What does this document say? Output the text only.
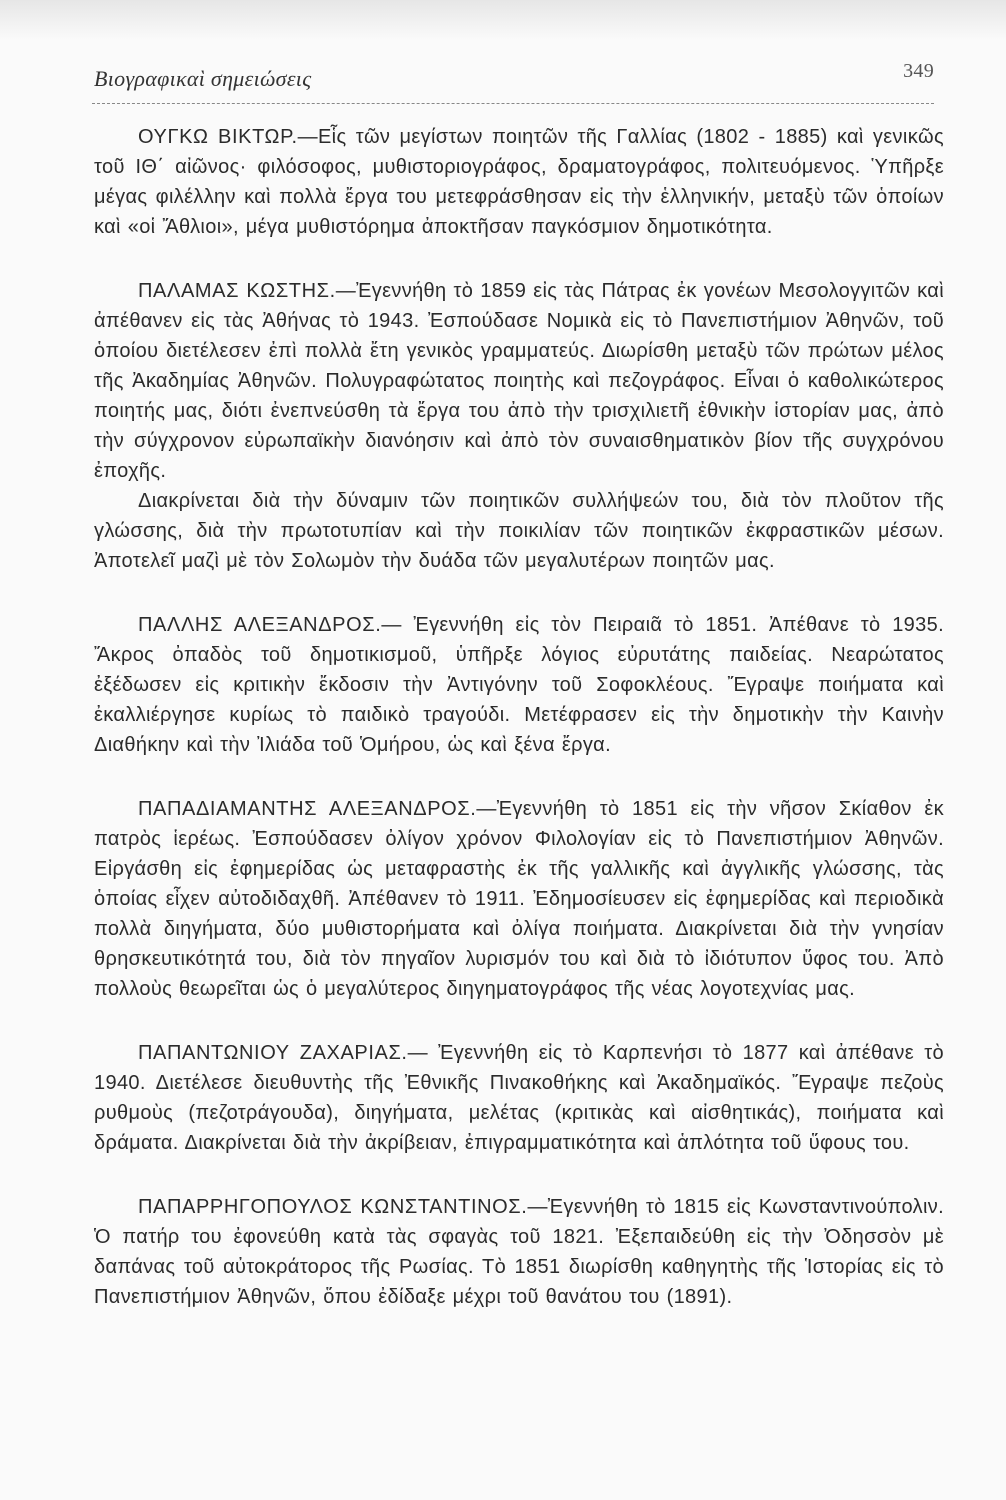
Βιογραφικαὶ σημειώσεις	349

ΟΥΓΚΩ ΒΙΚΤΩΡ.—Εἷς τῶν μεγίστων ποιητῶν τῆς Γαλλίας (1802 - 1885) καὶ γενικῶς τοῦ ΙΘ΄ αἰῶνος· φιλόσοφος, μυθιστοριογράφος, δραματογράφος, πολιτευόμενος. Ὑπῆρξε μέγας φιλέλλην καὶ πολλὰ ἔργα του μετεφράσθησαν εἰς τὴν ἑλληνικήν, μεταξὺ τῶν ὁποίων καὶ «οἱ Ἄθλιοι», μέγα μυθιστόρημα ἀποκτῆσαν παγκόσμιον δημοτικότητα.

ΠΑΛΑΜΑΣ ΚΩΣΤΗΣ.—Ἐγεννήθη τὸ 1859 εἰς τὰς Πάτρας ἐκ γονέων Μεσολογγιτῶν καὶ ἀπέθανεν εἰς τὰς Ἀθήνας τὸ 1943. Ἐσπούδασε Νομικὰ εἰς τὸ Πανεπιστήμιον Ἀθηνῶν, τοῦ ὁποίου διετέλεσεν ἐπὶ πολλὰ ἔτη γενικὸς γραμματεύς. Διωρίσθη μεταξὺ τῶν πρώτων μέλος τῆς Ἀκαδημίας Ἀθηνῶν. Πολυγραφώτατος ποιητὴς καὶ πεζογράφος. Εἶναι ὁ καθολικώτερος ποιητής μας, διότι ἐνεπνεύσθη τὰ ἔργα του ἀπὸ τὴν τρισχιλιετῆ ἐθνικὴν ἱστορίαν μας, ἀπὸ τὴν σύγχρονον εὐρωπαϊκὴν διανόησιν καὶ ἀπὸ τὸν συναισθηματικὸν βίον τῆς συγχρόνου ἐποχῆς.

Διακρίνεται διὰ τὴν δύναμιν τῶν ποιητικῶν συλλήψεών του, διὰ τὸν πλοῦτον τῆς γλώσσης, διὰ τὴν πρωτοτυπίαν καὶ τὴν ποικιλίαν τῶν ποιητικῶν ἐκφραστικῶν μέσων. Ἀποτελεῖ μαζὶ μὲ τὸν Σολωμὸν τὴν δυάδα τῶν μεγαλυτέρων ποιητῶν μας.

ΠΑΛΛΗΣ ΑΛΕΞΑΝΔΡΟΣ.— Ἐγεννήθη εἰς τὸν Πειραιᾶ τὸ 1851. Ἀπέθανε τὸ 1935. Ἄκρος ὀπαδὸς τοῦ δημοτικισμοῦ, ὑπῆρξε λόγιος εὐρυτάτης παιδείας. Νεαρώτατος ἐξέδωσεν εἰς κριτικὴν ἔκδοσιν τὴν Ἀντιγόνην τοῦ Σοφοκλέους. Ἔγραψε ποιήματα καὶ ἐκαλλιέργησε κυρίως τὸ παιδικὸ τραγούδι. Μετέφρασεν εἰς τὴν δημοτικὴν τὴν Καινὴν Διαθήκην καὶ τὴν Ἰλιάδα τοῦ Ὁμήρου, ὡς καὶ ξένα ἔργα.

ΠΑΠΑΔΙΑΜΑΝΤΗΣ ΑΛΕΞΑΝΔΡΟΣ.—Ἐγεννήθη τὸ 1851 εἰς τὴν νῆσον Σκίαθον ἐκ πατρὸς ἱερέως. Ἐσπούδασεν ὀλίγον χρόνον Φιλολογίαν εἰς τὸ Πανεπιστήμιον Ἀθηνῶν. Εἰργάσθη εἰς ἐφημερίδας ὡς μεταφραστὴς ἐκ τῆς γαλλικῆς καὶ ἀγγλικῆς γλώσσης, τὰς ὁποίας εἶχεν αὐτοδιδαχθῆ. Ἀπέθανεν τὸ 1911. Ἐδημοσίευσεν εἰς ἐφημερίδας καὶ περιοδικὰ πολλὰ διηγήματα, δύο μυθιστορήματα καὶ ὀλίγα ποιήματα. Διακρίνεται διὰ τὴν γνησίαν θρησκευτικότητά του, διὰ τὸν πηγαῖον λυρισμόν του καὶ διὰ τὸ ἰδιότυπον ὕφος του. Ἀπὸ πολλοὺς θεωρεῖται ὡς ὁ μεγαλύτερος διηγηματογράφος τῆς νέας λογοτεχνίας μας.

ΠΑΠΑΝΤΩΝΙΟΥ ΖΑΧΑΡΙΑΣ.— Ἐγεννήθη εἰς τὸ Καρπενήσι τὸ 1877 καὶ ἀπέθανε τὸ 1940. Διετέλεσε διευθυντὴς τῆς Ἐθνικῆς Πινακοθήκης καὶ Ἀκαδημαϊκός. Ἔγραψε πεζοὺς ρυθμοὺς (πεζοτράγουδα), διηγήματα, μελέτας (κριτικὰς καὶ αἰσθητικάς), ποιήματα καὶ δράματα. Διακρίνεται διὰ τὴν ἀκρίβειαν, ἐπιγραμματικότητα καὶ ἁπλότητα τοῦ ὕφους του.

ΠΑΠΑΡΡΗΓΟΠΟΥΛΟΣ ΚΩΝΣΤΑΝΤΙΝΟΣ.—Ἐγεννήθη τὸ 1815 εἰς Κωνσταντινούπολιν. Ὁ πατήρ του ἐφονεύθη κατὰ τὰς σφαγὰς τοῦ 1821. Ἐξεπαιδεύθη εἰς τὴν Ὀδησσὸν μὲ δαπάνας τοῦ αὐτοκράτορος τῆς Ρωσίας. Τὸ 1851 διωρίσθη καθηγητὴς τῆς Ἱστορίας εἰς τὸ Πανεπιστήμιον Ἀθηνῶν, ὅπου ἐδίδαξε μέχρι τοῦ θανάτου του (1891).
